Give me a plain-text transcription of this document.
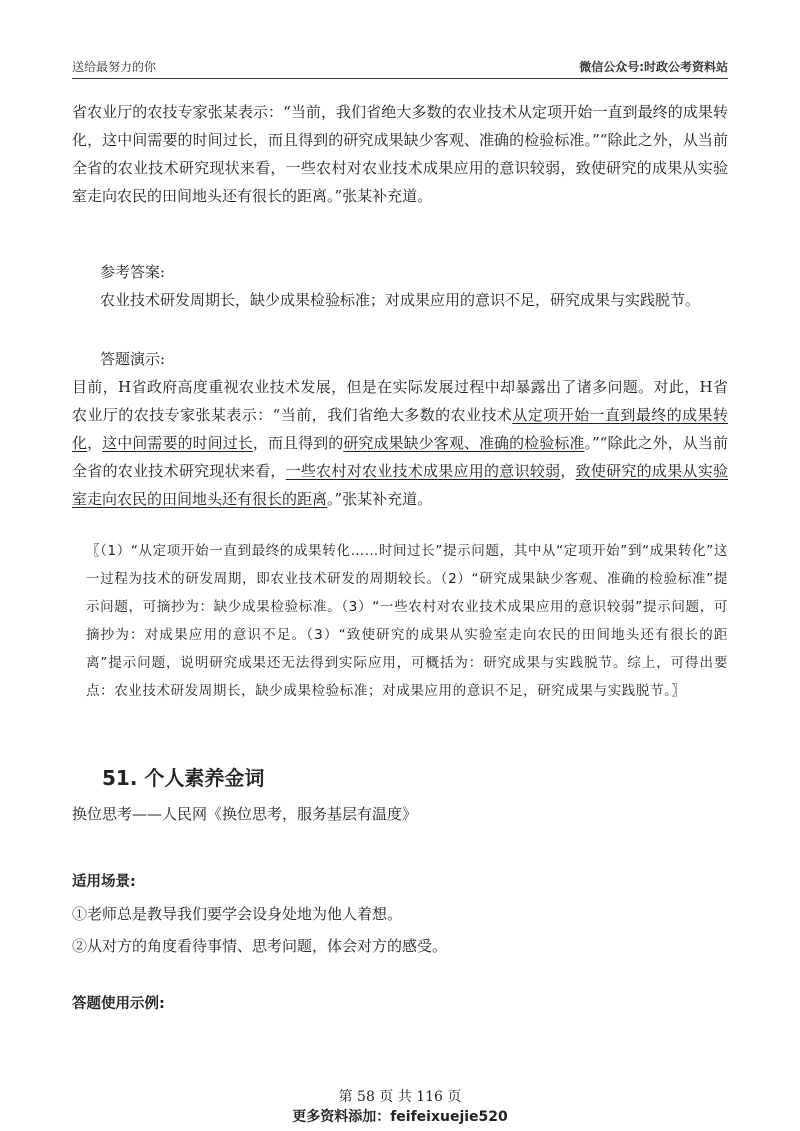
送给最努力的你	微信公众号:时政公考资料站

省农业厅的农技专家张某表示：“当前，我们省绝大多数的农业技术从定项开始一直到最终的成果转化，这中间需要的时间过长，而且得到的研究成果缺少客观、准确的检验标准。”“除此之外，从当前全省的农业技术研究现状来看，一些农村对农业技术成果应用的意识较弱，致使研究的成果从实验室走向农民的田间地头还有很长的距离。”张某补充道。

参考答案:

农业技术研发周期长，缺少成果检验标准；对成果应用的意识不足，研究成果与实践脱节。

答题演示:

目前，H省政府高度重视农业技术发展，但是在实际发展过程中却暴露出了诸多问题。对此，H省农业厅的农技专家张某表示：“当前，我们省绝大多数的农业技术从定项开始一直到最终的成果转化，这中间需要的时间过长，而且得到的研究成果缺少客观、准确的检验标准。”“除此之外，从当前全省的农业技术研究现状来看，一些农村对农业技术成果应用的意识较弱，致使研究的成果从实验室走向农民的田间地头还有很长的距离。”张某补充道。

〖（1）“从定项开始一直到最终的成果转化……时间过长”提示问题，其中从“定项开始”到“成果转化”这一过程为技术的研发周期，即农业技术研发的周期较长。（2）“研究成果缺少客观、准确的检验标准”提示问题，可摘抄为：缺少成果检验标准。（3）“一些农村对农业技术成果应用的意识较弱”提示问题，可摘抄为：对成果应用的意识不足。（3）“致使研究的成果从实验室走向农民的田间地头还有很长的距离”提示问题，说明研究成果还无法得到实际应用，可概括为：研究成果与实践脱节。综上，可得出要点：农业技术研发周期长，缺少成果检验标准；对成果应用的意识不足，研究成果与实践脱节。〗

51. 个人素养金词

换位思考——人民网《换位思考，服务基层有温度》

适用场景:

①老师总是教导我们要学会设身处地为他人着想。

②从对方的角度看待事情、思考问题，体会对方的感受。

答题使用示例:

第 58 页 共 116 页
更多资料添加：feifeixuejie520
